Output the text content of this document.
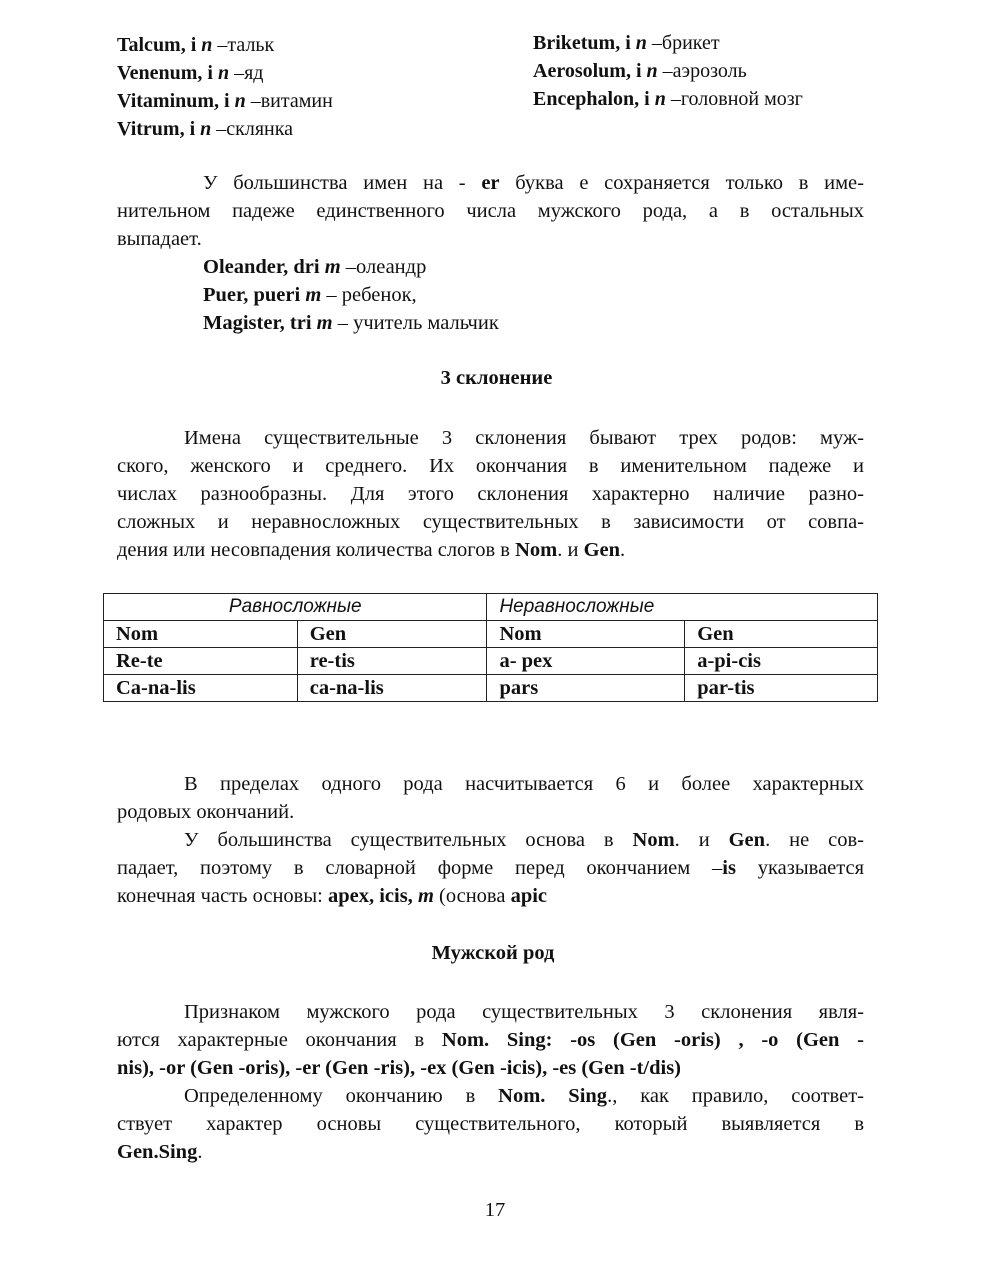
Talcum, i n –тальк
Venenum, i n –яд
Vitaminum, i n –витамин
Vitrum, i n –склянка
Briketum, i n –брикет
Aerosolum, i n –аэрозоль
Encephalon, i n –головной мозг
У большинства имен на - er буква е сохраняется только в име-
нительном падеже единственного числа мужского рода, а в остальных
выпадает.
Oleander, dri m –олеандр
Puer, pueri m – ребенок,
Magister, tri m – учитель мальчик
3 склонение
Имена существительные 3 склонения бывают трех родов: муж-
ского, женского и среднего. Их окончания в именительном падеже и
числах разнообразны. Для этого склонения характерно наличие разно-
сложных и неравносложных существительных в зависимости от совпа-
дения или несовпадения количества слогов в Nom. и Gen.
Равносложные		Неравносложные	
Nom	Gen	Nom	Gen
Re-te	re-tis	a- pex	a-pi-cis
Ca-na-lis	ca-na-lis	pars	par-tis
В пределах одного рода насчитывается 6 и более характерных
родовых окончаний.
У большинства существительных основа в Nom. и Gen. не сов-
падает, поэтому в словарной форме перед окончанием –is указывается
конечная часть основы: apex, icis, m (основа apic
Мужской род
Признаком мужского рода существительных 3 склонения явля-
ются характерные окончания в Nom. Sing: -os (Gen -oris) , -o (Gen -
nis), -or (Gen -oris), -er (Gen -ris), -ex (Gen -icis), -es (Gen -t/dis)
Определенному окончанию в Nom. Sing., как правило, соответ-
ствует характер основы существительного, который выявляется в
Gen.Sing.
17
